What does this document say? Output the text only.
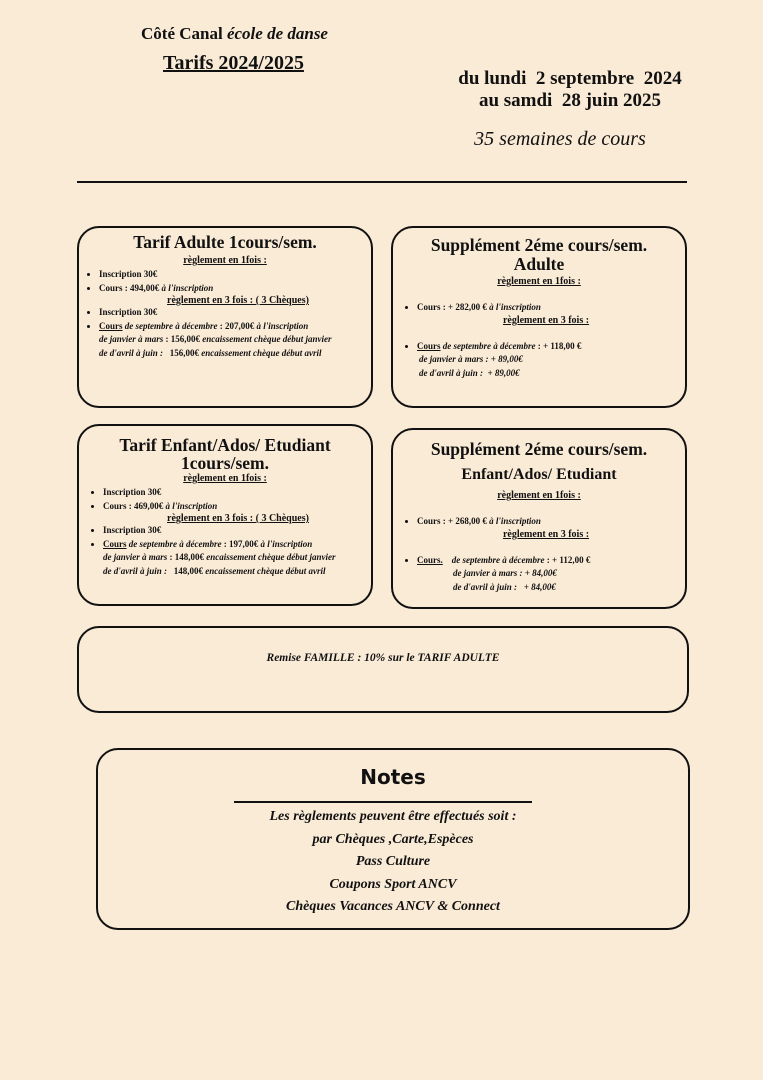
Côté Canal école de danse
Tarifs 2024/2025
du lundi  2 septembre  2024
au samdi  28 juin 2025
35 semaines de cours
Tarif Adulte 1cours/sem.
règlement en 1fois :
• Inscription 30€
• Cours : 494,00€ à l'inscription
règlement en 3 fois : ( 3 Chèques)
• Inscription 30€
• Cours de septembre à décembre : 207,00€ à l'inscription
de janvier à mars : 156,00€ encaissement chèque début janvier
de d'avril à juin :   156,00€ encaissement chèque début avril
Supplément 2éme cours/sem.
Adulte
règlement en 1fois :
• Cours : + 282,00 € à l'inscription
règlement en 3 fois :
• Cours de septembre à décembre : + 118,00 €
de janvier à mars : + 89,00€
de d'avril à juin :  + 89,00€
Tarif Enfant/Ados/ Etudiant
1cours/sem.
règlement en 1fois :
• Inscription 30€
• Cours : 469,00€ à l'inscription
règlement en 3 fois : ( 3 Chèques)
• Inscription 30€
• Cours de septembre à décembre : 197,00€ à l'inscription
de janvier à mars : 148,00€ encaissement chèque début janvier
de d'avril à juin :   148,00€ encaissement chèque début avril
Supplément 2éme cours/sem.
Enfant/Ados/ Etudiant
règlement en 1fois :
• Cours : + 268,00 € à l'inscription
règlement en 3 fois :
• Cours.    de septembre à décembre : + 112,00 €
de janvier à mars : + 84,00€
de d'avril à juin :   + 84,00€
Remise FAMILLE : 10% sur le TARIF ADULTE
Notes
Les règlements peuvent être effectués soit :
par Chèques ,Carte,Espèces
Pass Culture
Coupons Sport ANCV
Chèques Vacances ANCV & Connect
